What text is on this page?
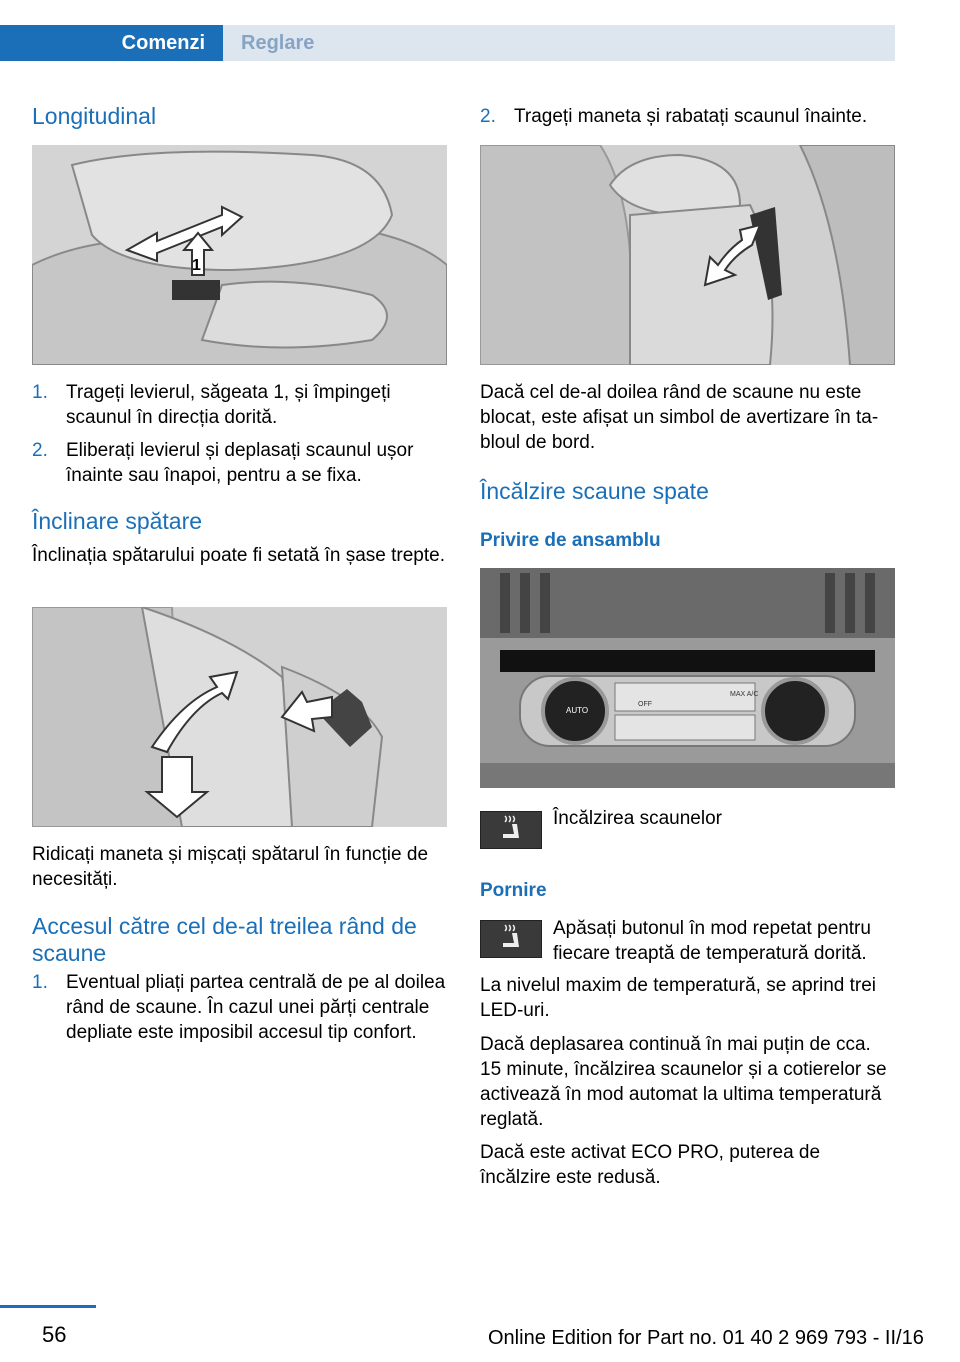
Comenzi	Reglare
Longitudinal
1
1. Trageți levierul, săgeata 1, și împingeți scaunul în direcția dorită.
2. Eliberați levierul și deplasați scaunul ușor înainte sau înapoi, pentru a se fixa.
Înclinare spătare

Înclinația spătarului poate fi setată în șase trepte.

Ridicați maneta și mișcați spătarul în funcție de necesități.

Accesul către cel de-al treilea rând de scaune
1. Eventual pliați partea centrală de pe al doilea rând de scaune. În cazul unei părți centrale depliate este imposibil accesul tip confort.
2. Trageți maneta și rabatați scaunul înainte.

Dacă cel de-al doilea rând de scaune nu este blocat, este afișat un simbol de avertizare în tabloul de bord.

Încălzire scaune spate
Privire de ansamblu
AUTO
OFF
MAX A/C

Încălzirea scaunelor

Pornire

Apăsați butonul în mod repetat pentru fiecare treaptă de temperatură dorită.

La nivelul maxim de temperatură, se aprind trei LED-uri.

Dacă deplasarea continuă în mai puțin de cca. 15 minute, încălzirea scaunelor și a cotierelor se activează în mod automat la ultima temperatură reglată.

Dacă este activat ECO PRO, puterea de încălzire este redusă.

56	Online Edition for Part no. 01 40 2 969 793 - II/16
